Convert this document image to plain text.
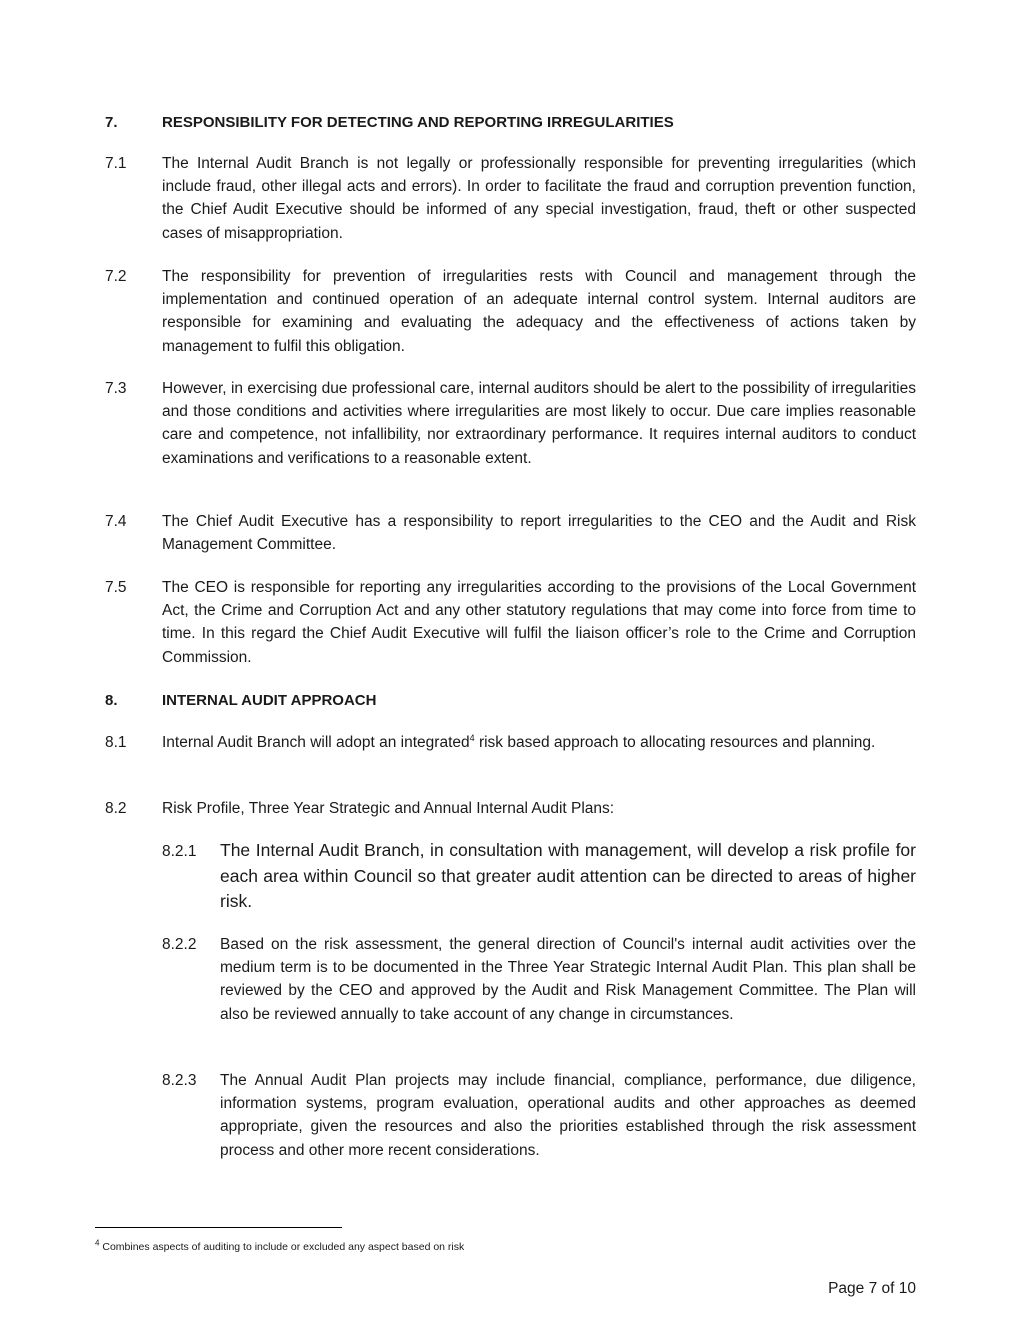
7.	RESPONSIBILITY FOR DETECTING AND REPORTING IRREGULARITIES
7.1	The Internal Audit Branch is not legally or professionally responsible for preventing irregularities (which include fraud, other illegal acts and errors). In order to facilitate the fraud and corruption prevention function, the Chief Audit Executive should be informed of any special investigation, fraud, theft or other suspected cases of misappropriation.
7.2	The responsibility for prevention of irregularities rests with Council and management through the implementation and continued operation of an adequate internal control system. Internal auditors are responsible for examining and evaluating the adequacy and the effectiveness of actions taken by management to fulfil this obligation.
7.3	However, in exercising due professional care, internal auditors should be alert to the possibility of irregularities and those conditions and activities where irregularities are most likely to occur. Due care implies reasonable care and competence, not infallibility, nor extraordinary performance. It requires internal auditors to conduct examinations and verifications to a reasonable extent.
7.4	The Chief Audit Executive has a responsibility to report irregularities to the CEO and the Audit and Risk Management Committee.
7.5	The CEO is responsible for reporting any irregularities according to the provisions of the Local Government Act, the Crime and Corruption Act and any other statutory regulations that may come into force from time to time. In this regard the Chief Audit Executive will fulfil the liaison officer’s role to the Crime and Corruption Commission.
8.	INTERNAL AUDIT APPROACH
8.1	Internal Audit Branch will adopt an integrated$^4$ risk based approach to allocating resources and planning.
8.2	Risk Profile, Three Year Strategic and Annual Internal Audit Plans:
8.2.1	The Internal Audit Branch, in consultation with management, will develop a risk profile for each area within Council so that greater audit attention can be directed to areas of higher risk.
8.2.2	Based on the risk assessment, the general direction of Council's internal audit activities over the medium term is to be documented in the Three Year Strategic Internal Audit Plan. This plan shall be reviewed by the CEO and approved by the Audit and Risk Management Committee. The Plan will also be reviewed annually to take account of any change in circumstances.
8.2.3	The Annual Audit Plan projects may include financial, compliance, performance, due diligence, information systems, program evaluation, operational audits and other approaches as deemed appropriate, given the resources and also the priorities established through the risk assessment process and other more recent considerations.
$^4$ Combines aspects of auditing to include or excluded any aspect based on risk
Page 7 of 10
